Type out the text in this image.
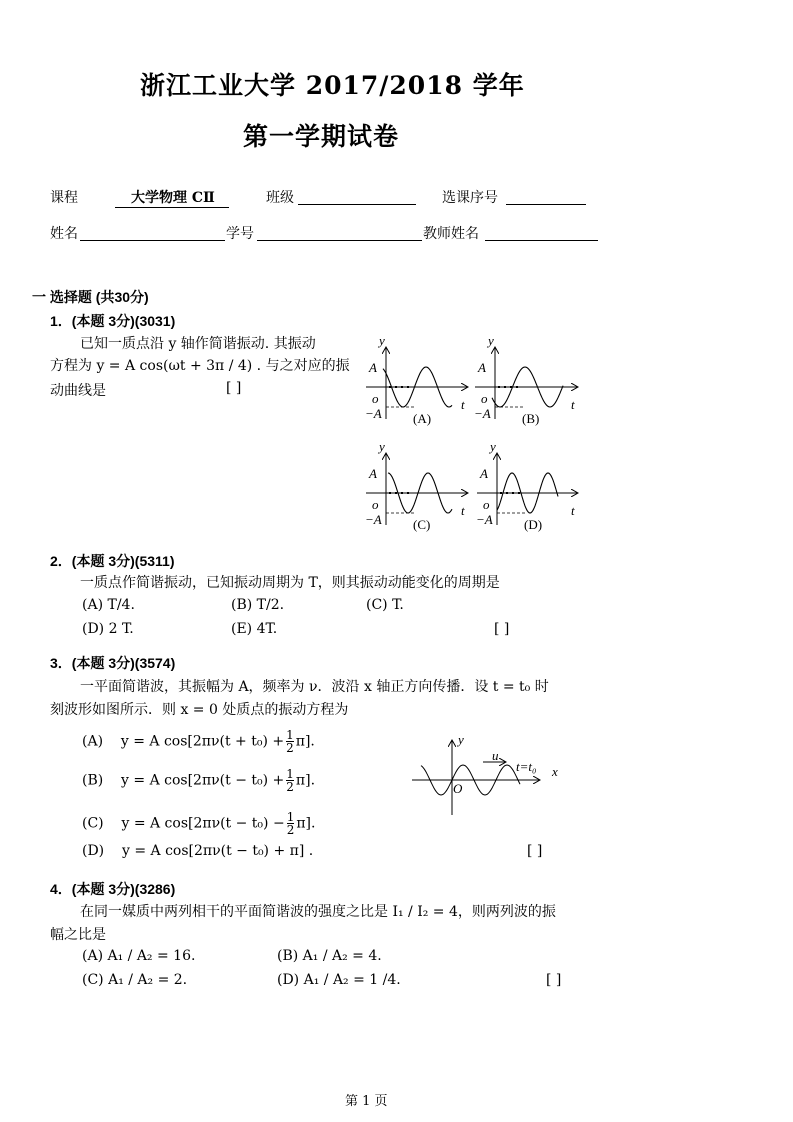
浙江工业大学 2017/2018 学年
第一学期试卷
课程	大学物理 CⅡ	班级	选课序号
姓名	学号	教师姓名
一 选择题 (共30分)
1．(本题 3分)(3031)
已知一质点沿 y 轴作简谐振动. 其振动
方程为 y = A cos(ωt + 3π / 4) . 与之对应的振
动曲线是	[ ]
y
A
o
−A
t
(A)
y
A
o
−A
t
(B)
y
A
o
−A
t
(C)
y
A
o
−A
t
(D)
y
x
O
u
t=t₀
2．(本题 3分)(5311)
一质点作简谐振动，已知振动周期为 T，则其振动动能变化的周期是
(A) T/4.	(B) T/2.	(C) T.
(D) 2 T.	(E) 4T.	[ ]
3．(本题 3分)(3574)
一平面简谐波，其振幅为 A，频率为 ν．波沿 x 轴正方向传播．设 t = t₀ 时
刻波形如图所示．则 x = 0 处质点的振动方程为
(A) y = A $\cos[2\pi\nu(t + t_0) + \frac{1}{2} \pi]$.
(B) y = A $\cos[2\pi\nu(t - t_0) + \frac{1}{2} \pi]$.
(C) y = A $\cos[2\pi\nu(t - t_0) - \frac{1}{2} \pi]$.
(D) y = A cos[2πν(t − t₀) + π] .	[ ]
4．(本题 3分)(3286)
在同一媒质中两列相干的平面简谐波的强度之比是 I₁ / I₂ = 4，则两列波的振
幅之比是
(A) A₁ / A₂ = 16.	(B) A₁ / A₂ = 4.
(C) A₁ / A₂ = 2.	(D) A₁ / A₂ = 1 /4.	[ ]
第 1 页
